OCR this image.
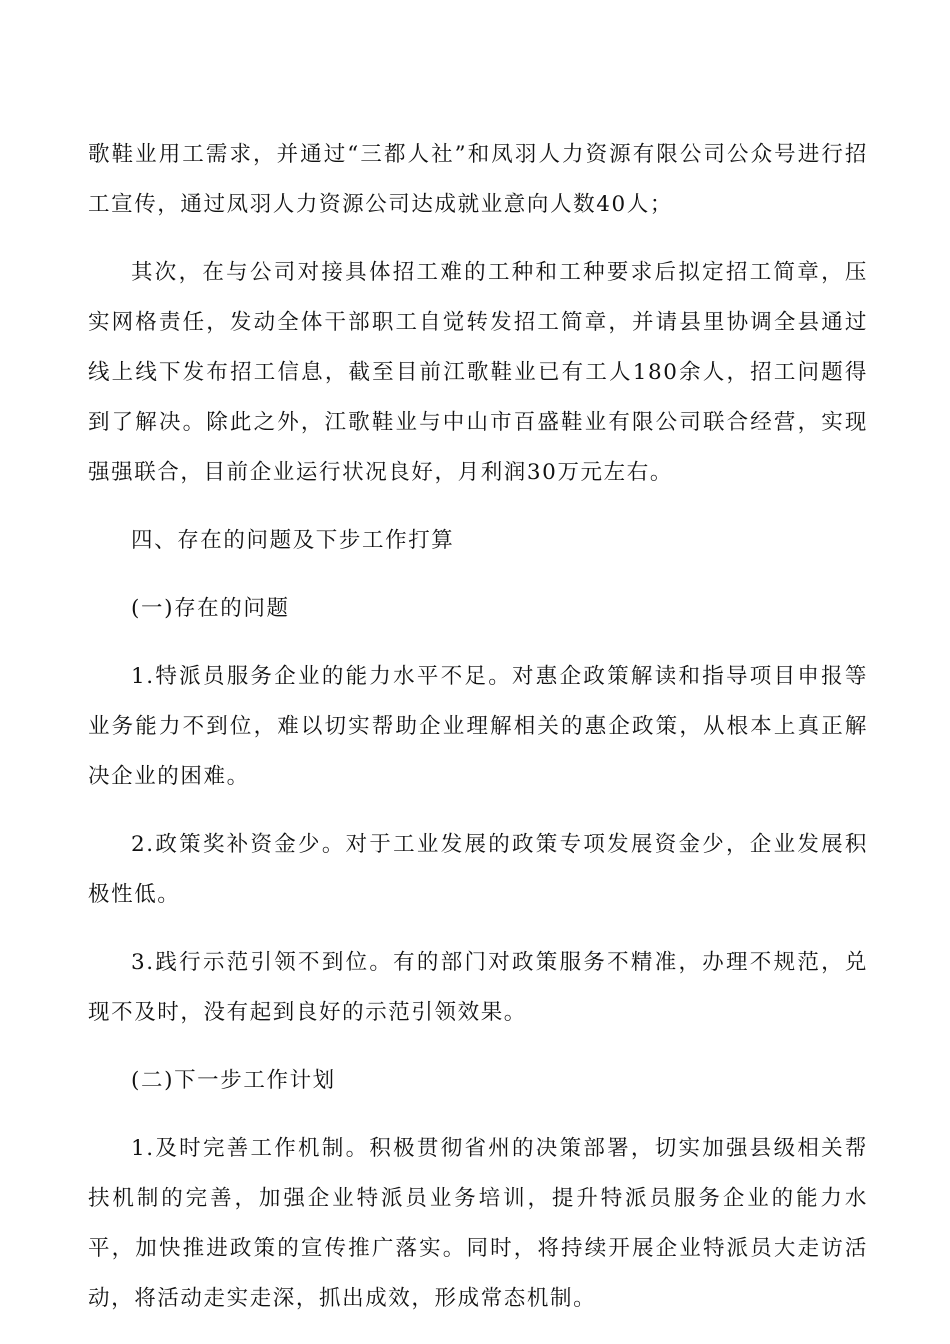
歌鞋业用工需求，并通过“三都人社”和凤羽人力资源有限公司公众号进行招工宣传，通过凤羽人力资源公司达成就业意向人数40人；

其次，在与公司对接具体招工难的工种和工种要求后拟定招工简章，压实网格责任，发动全体干部职工自觉转发招工简章，并请县里协调全县通过线上线下发布招工信息，截至目前江歌鞋业已有工人180余人，招工问题得到了解决。除此之外，江歌鞋业与中山市百盛鞋业有限公司联合经营，实现强强联合，目前企业运行状况良好，月利润30万元左右。

四、存在的问题及下步工作打算

(一)存在的问题

1.特派员服务企业的能力水平不足。对惠企政策解读和指导项目申报等业务能力不到位，难以切实帮助企业理解相关的惠企政策，从根本上真正解决企业的困难。

2.政策奖补资金少。对于工业发展的政策专项发展资金少，企业发展积极性低。

3.践行示范引领不到位。有的部门对政策服务不精准，办理不规范，兑现不及时，没有起到良好的示范引领效果。

(二)下一步工作计划

1.及时完善工作机制。积极贯彻省州的决策部署，切实加强县级相关帮扶机制的完善，加强企业特派员业务培训，提升特派员服务企业的能力水平，加快推进政策的宣传推广落实。同时，将持续开展企业特派员大走访活动，将活动走实走深，抓出成效，形成常态机制。
